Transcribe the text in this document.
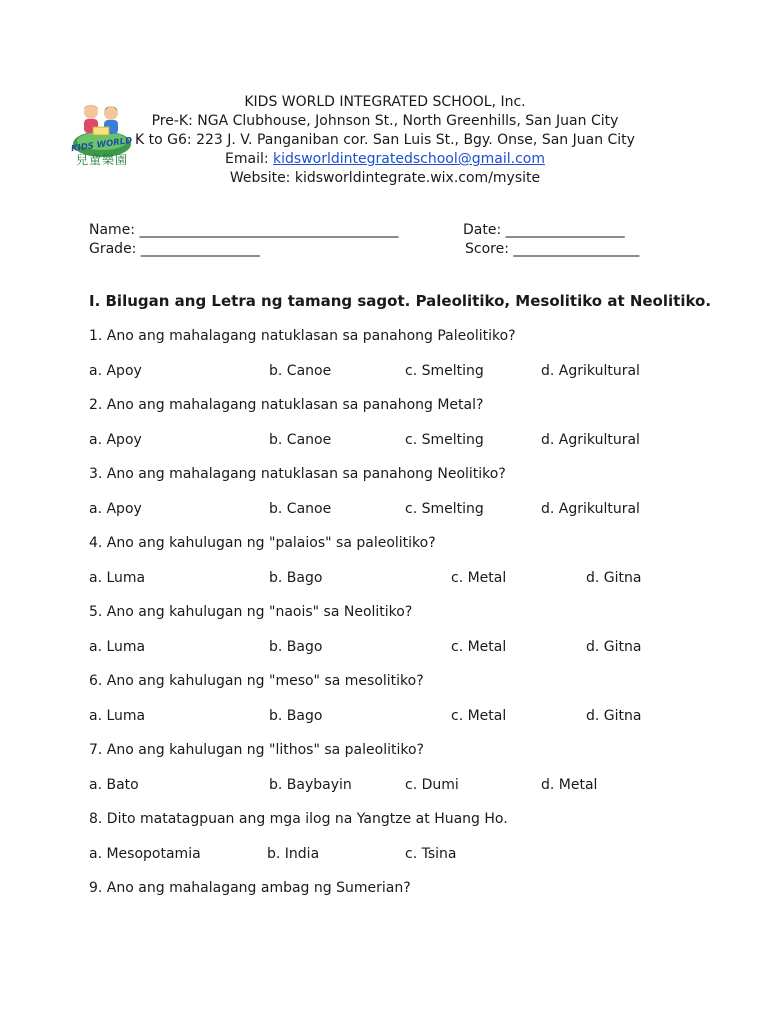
KIDS WORLD
兒童樂園
KIDS WORLD INTEGRATED SCHOOL, Inc.
Pre-K: NGA Clubhouse, Johnson St., North Greenhills, San Juan City
K to G6: 223 J. V. Panganiban cor. San Luis St., Bgy. Onse, San Juan City
Email: kidsworldintegratedschool@gmail.com
Website: kidsworldintegrate.wix.com/mysite
Name: _____________________________________	Date: _________________
Grade: _________________	Score: __________________
I. Bilugan ang Letra ng tamang sagot. Paleolitiko, Mesolitiko at Neolitiko.
1. Ano ang mahalagang natuklasan sa panahong Paleolitiko?
a. Apoy	b. Canoe	c. Smelting	d. Agrikultural
2. Ano ang mahalagang natuklasan sa panahong Metal?
a. Apoy	b. Canoe	c. Smelting	d. Agrikultural
3. Ano ang mahalagang natuklasan sa panahong Neolitiko?
a. Apoy	b. Canoe	c. Smelting	d. Agrikultural
4. Ano ang kahulugan ng "palaios" sa paleolitiko?
a. Luma	b. Bago	c. Metal	d. Gitna
5. Ano ang kahulugan ng "naois" sa Neolitiko?
a. Luma	b. Bago	c. Metal	d. Gitna
6. Ano ang kahulugan ng "meso" sa mesolitiko?
a. Luma	b. Bago	c. Metal	d. Gitna
7. Ano ang kahulugan ng "lithos" sa paleolitiko?
a. Bato	b. Baybayin	c. Dumi	d. Metal
8. Dito matatagpuan ang mga ilog na Yangtze at Huang Ho.
a. Mesopotamia	b. India	c. Tsina
9. Ano ang mahalagang ambag ng Sumerian?
